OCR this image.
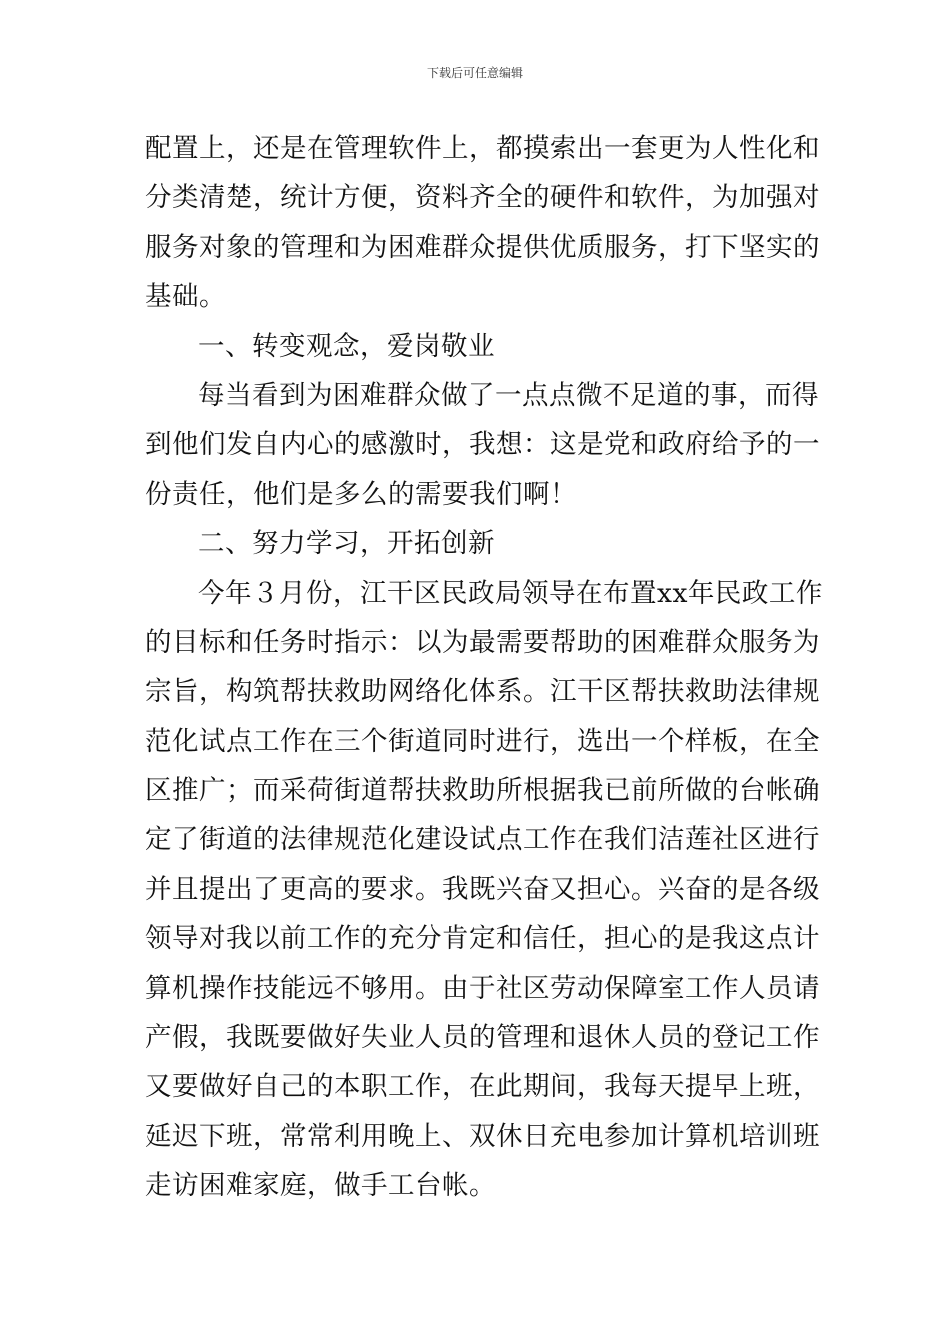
下载后可任意编辑
配置上，还是在管理软件上，都摸索出一套更为人性化和
分类清楚，统计方便，资料齐全的硬件和软件，为加强对
服务对象的管理和为困难群众提供优质服务，打下坚实的
基础。
一、转变观念，爱岗敬业
每当看到为困难群众做了一点点微不足道的事，而得
到他们发自内心的感激时，我想：这是党和政府给予的一
份责任，他们是多么的需要我们啊！
二、努力学习，开拓创新
今年３月份，江干区民政局领导在布置xx年民政工作
的目标和任务时指示：以为最需要帮助的困难群众服务为
宗旨，构筑帮扶救助网络化体系。江干区帮扶救助法律规
范化试点工作在三个街道同时进行，选出一个样板，在全
区推广；而采荷街道帮扶救助所根据我已前所做的台帐确
定了街道的法律规范化建设试点工作在我们洁莲社区进行
并且提出了更高的要求。我既兴奋又担心。兴奋的是各级
领导对我以前工作的充分肯定和信任，担心的是我这点计
算机操作技能远不够用。由于社区劳动保障室工作人员请
产假，我既要做好失业人员的管理和退休人员的登记工作
又要做好自己的本职工作，在此期间，我每天提早上班，
延迟下班，常常利用晚上、双休日充电参加计算机培训班
走访困难家庭，做手工台帐。
